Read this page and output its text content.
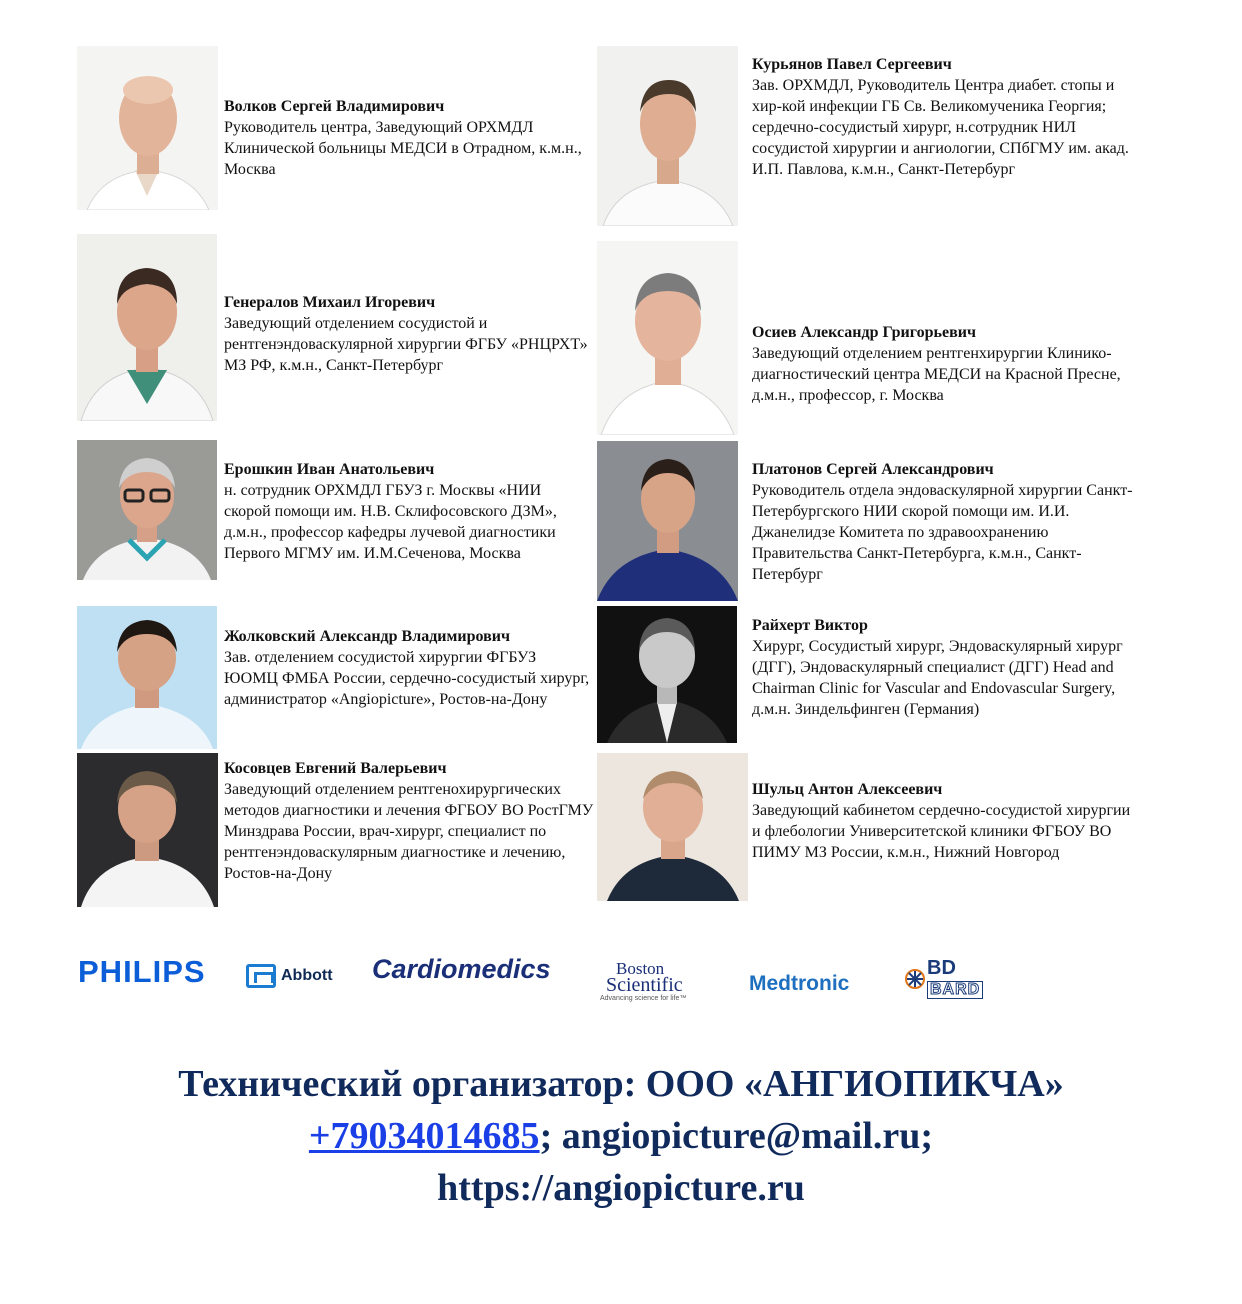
Волков Сергей Владимирович
Руководитель центра, Заведующий ОРХМДЛ Клинической больницы МЕДСИ в Отрадном, к.м.н., Москва
Курьянов Павел Сергеевич
Зав. ОРХМДЛ, Руководитель Центра диабет. стопы и хир-кой инфекции ГБ Св. Великомученика Георгия; сердечно-сосудистый хирург, н.сотрудник НИЛ сосудистой хирургии и ангиологии, СПбГМУ им. акад. И.П. Павлова, к.м.н., Санкт-Петербург
Генералов Михаил Игоревич
Заведующий отделением сосудистой и рентгенэндоваскулярной хирургии ФГБУ «РНЦРХТ» МЗ РФ, к.м.н., Санкт-Петербург
Осиев Александр Григорьевич
Заведующий отделением рентгенхирургии Клинико-диагностический центра МЕДСИ на Красной Пресне, д.м.н., профессор, г. Москва
Ерошкин Иван Анатольевич
н. сотрудник ОРХМДЛ ГБУЗ г. Москвы «НИИ скорой помощи им. Н.В. Склифосовского ДЗМ», д.м.н., профессор кафедры лучевой диагностики Первого МГМУ им. И.М.Сеченова, Москва
Платонов Сергей Александрович
Руководитель отдела эндоваскулярной хирургии Санкт-Петербургского НИИ скорой помощи им. И.И. Джанелидзе Комитета по здравоохранению Правительства Санкт-Петербурга, к.м.н., Санкт-Петербург
Жолковский Александр Владимирович
Зав. отделением сосудистой хирургии ФГБУЗ ЮОМЦ ФМБА России, сердечно-сосудистый хирург, администратор «Angiopicture», Ростов-на-Дону
Райхерт Виктор
Хирург, Сосудистый хирург, Эндоваскулярный хирург (ДГГ), Эндоваскулярный специалист (ДГГ) Head and Chairman Clinic for Vascular and Endovascular Surgery, д.м.н. Зиндельфинген (Германия)
Косовцев Евгений Валерьевич
Заведующий отделением рентгенохирургических методов диагностики и лечения ФГБОУ ВО РостГМУ Минздрава России, врач-хирург, специалист по рентгенэндоваскулярным диагностике и лечению, Ростов-на-Дону
Шульц Антон Алексеевич
Заведующий кабинетом сердечно-сосудистой хирургии и флебологии Университетской клиники ФГБОУ ВО ПИМУ МЗ России, к.м.н., Нижний Новгород
PHILIPS	Abbott Cardiomedics	Boston
Scientific
Advancing science for life™
Medtronic
BD
BARD
Технический организатор: ООО «АНГИОПИКЧА»
+79034014685; angiopicture@mail.ru;
https://angiopicture.ru
